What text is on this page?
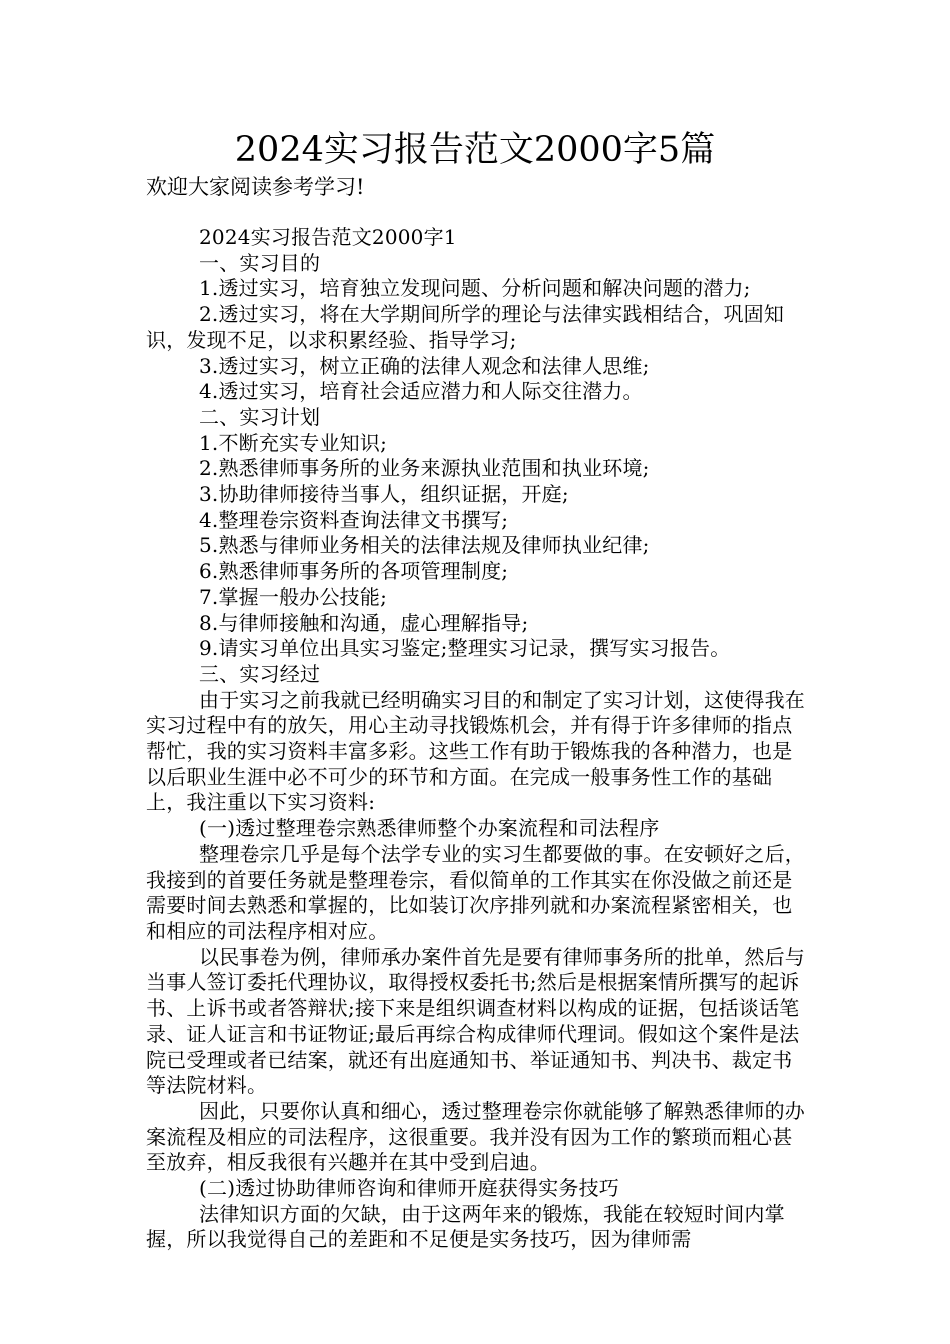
2024实习报告范文2000字5篇
欢迎大家阅读参考学习!

2024实习报告范文2000字1

一、实习目的

1.透过实习，培育独立发现问题、分析问题和解决问题的潜力;

2.透过实习，将在大学期间所学的理论与法律实践相结合，巩固知识，发现不足，以求积累经验、指导学习;

3.透过实习，树立正确的法律人观念和法律人思维;

4.透过实习，培育社会适应潜力和人际交往潜力。

二、实习计划

1.不断充实专业知识;

2.熟悉律师事务所的业务来源执业范围和执业环境;

3.协助律师接待当事人，组织证据，开庭;

4.整理卷宗资料查询法律文书撰写;

5.熟悉与律师业务相关的法律法规及律师执业纪律;

6.熟悉律师事务所的各项管理制度;

7.掌握一般办公技能;

8.与律师接触和沟通，虚心理解指导;

9.请实习单位出具实习鉴定;整理实习记录，撰写实习报告。

三、实习经过

由于实习之前我就已经明确实习目的和制定了实习计划，这使得我在实习过程中有的放矢，用心主动寻找锻炼机会，并有得于许多律师的指点帮忙，我的实习资料丰富多彩。这些工作有助于锻炼我的各种潜力，也是以后职业生涯中必不可少的环节和方面。在完成一般事务性工作的基础上，我注重以下实习资料:

(一)透过整理卷宗熟悉律师整个办案流程和司法程序

整理卷宗几乎是每个法学专业的实习生都要做的事。在安顿好之后，我接到的首要任务就是整理卷宗，看似简单的工作其实在你没做之前还是需要时间去熟悉和掌握的，比如装订次序排列就和办案流程紧密相关，也和相应的司法程序相对应。

以民事卷为例，律师承办案件首先是要有律师事务所的批单，然后与当事人签订委托代理协议，取得授权委托书;然后是根据案情所撰写的起诉书、上诉书或者答辩状;接下来是组织调查材料以构成的证据，包括谈话笔录、证人证言和书证物证;最后再综合构成律师代理词。假如这个案件是法院已受理或者已结案，就还有出庭通知书、举证通知书、判决书、裁定书等法院材料。

因此，只要你认真和细心，透过整理卷宗你就能够了解熟悉律师的办案流程及相应的司法程序，这很重要。我并没有因为工作的繁琐而粗心甚至放弃，相反我很有兴趣并在其中受到启迪。

(二)透过协助律师咨询和律师开庭获得实务技巧

法律知识方面的欠缺，由于这两年来的锻炼，我能在较短时间内掌握，所以我觉得自己的差距和不足便是实务技巧，因为律师需
